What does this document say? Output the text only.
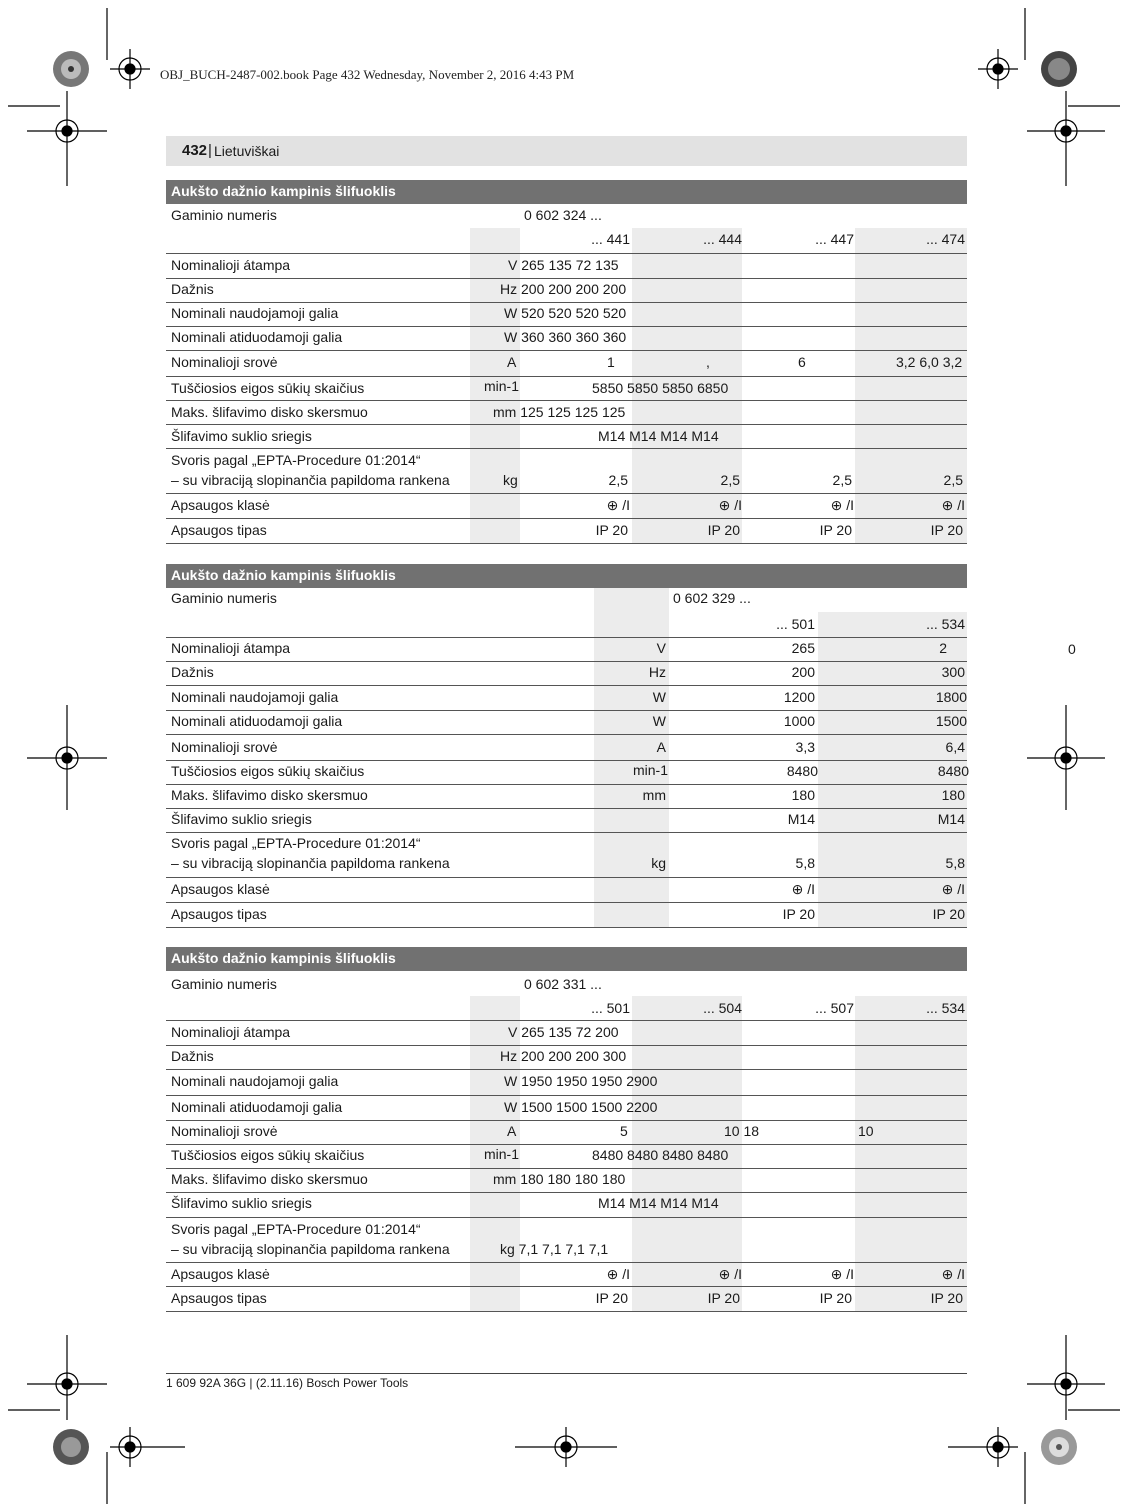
OBJ_BUCH-2487-002.book Page 432 Wednesday, November 2, 2016 4:43 PM
432 | Lietuviškai
Aukšto dažnio kampinis šlifuoklis
Gaminio numeris	0 602 324 ...
... 441	... 444	... 447	... 474
Nominalioji átampa	V 265 135 72 135
Dažnis	Hz 200 200 200 200
Nominali naudojamoji galia	W 520 520 520 520
Nominali atiduodamoji galia	W 360 360 360 360
Nominalioji srovė	A	1	,	6	3,2 6,0 3,2
Tuščiosios eigos sūkių skaičius	min-1	5850 5850 5850 6850
Maks. šlifavimo disko skersmuo	mm 125 125 125 125
Šlifavimo suklio sriegis	M14 M14 M14 M14
Svoris pagal „EPTA-Procedure 01:2014“
– su vibraciją slopinančia papildoma rankena	kg	2,5	2,5	2,5	2,5
Apsaugos klasė	⊕ /I	⊕ /I	⊕ /I	⊕ /I
Apsaugos tipas	IP 20	IP 20	IP 20	IP 20
Aukšto dažnio kampinis šlifuoklis
Gaminio numeris	0 602 329 ...
... 501	... 534
Nominalioji átampa	V	265	2
Dažnis	Hz	200	300
Nominali naudojamoji galia	W	1200	1800
Nominali atiduodamoji galia	W	1000	1500
Nominalioji srovė	A	3,3	6,4
Tuščiosios eigos sūkių skaičius	min-1	8480	8480
Maks. šlifavimo disko skersmuo	mm	180	180
Šlifavimo suklio sriegis	M14	M14
Svoris pagal „EPTA-Procedure 01:2014“
– su vibraciją slopinančia papildoma rankena	kg	5,8	5,8
Apsaugos klasė	⊕ /I	⊕ /I
Apsaugos tipas	IP 20	IP 20
0
Aukšto dažnio kampinis šlifuoklis
Gaminio numeris	0 602 331 ...
... 501	... 504	... 507	... 534
Nominalioji átampa	V 265 135 72 200
Dažnis	Hz 200 200 200 300
Nominali naudojamoji galia	W 1950 1950 1950 2900
Nominali atiduodamoji galia	W 1500 1500 1500 2200
Nominalioji srovė	A	5	10 18	10
Tuščiosios eigos sūkių skaičius	min-1	8480 8480 8480 8480
Maks. šlifavimo disko skersmuo	mm 180 180 180 180
Šlifavimo suklio sriegis	M14 M14 M14 M14
Svoris pagal „EPTA-Procedure 01:2014“
– su vibraciją slopinančia papildoma rankena	kg 7,1 7,1 7,1 7,1
Apsaugos klasė	⊕ /I	⊕ /I	⊕ /I	⊕ /I
Apsaugos tipas	IP 20	IP 20	IP 20	IP 20
1 609 92A 36G | (2.11.16) Bosch Power Tools
